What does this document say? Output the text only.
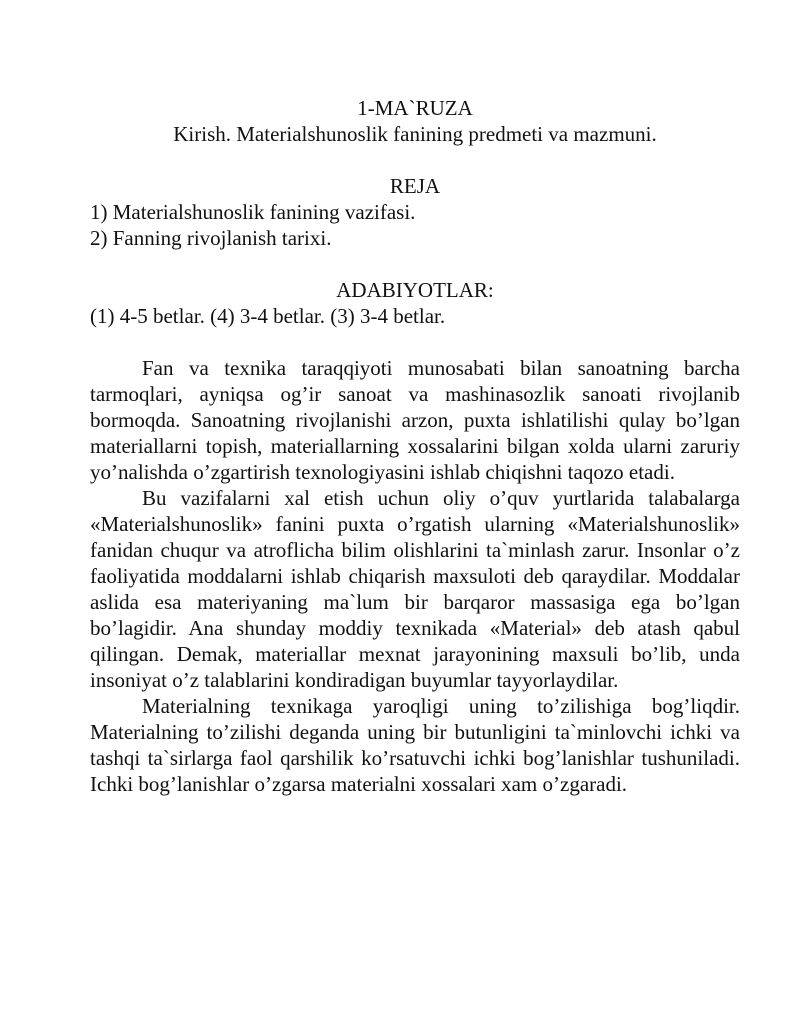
1-MA`RUZA

Kirish. Materialshunoslik fanining predmeti va mazmuni.

REJA

1) Materialshunoslik fanining vazifasi.

2) Fanning rivojlanish tarixi.

ADABIYOTLAR:

(1) 4-5 betlar. (4) 3-4 betlar. (3) 3-4 betlar.

Fan va texnika taraqqiyoti munosabati bilan sanoatning barcha tarmoqlari, ayniqsa og’ir sanoat va mashinasozlik sanoati rivojlanib bormoqda. Sanoatning rivojlanishi arzon, puxta ishlatilishi qulay bo’lgan materiallarni topish, materiallarning xossalarini bilgan xolda ularni zaruriy yo’nalishda o’zgartirish texnologiyasini ishlab chiqishni taqozo etadi.

Bu vazifalarni xal etish uchun oliy o’quv yurtlarida talabalarga «Materialshunoslik» fanini puxta o’rgatish ularning «Materialshunoslik» fanidan chuqur va atroflicha bilim olishlarini ta`minlash zarur. Insonlar o’z faoliyatida moddalarni ishlab chiqarish maxsuloti deb qaraydilar. Moddalar aslida esa materiyaning ma`lum bir barqaror massasiga ega bo’lgan bo’lagidir. Ana shunday moddiy texnikada «Material» deb atash qabul qilingan. Demak, materiallar mexnat jarayonining maxsuli bo’lib, unda insoniyat o’z talablarini kondiradigan buyumlar tayyorlaydilar.

Materialning texnikaga yaroqligi uning to’zilishiga bog’liqdir. Materialning to’zilishi deganda uning bir butunligini ta`minlovchi ichki va tashqi ta`sirlarga faol qarshilik ko’rsatuvchi ichki bog’lanishlar tushuniladi. Ichki bog’lanishlar o’zgarsa materialni xossalari xam o’zgaradi.
